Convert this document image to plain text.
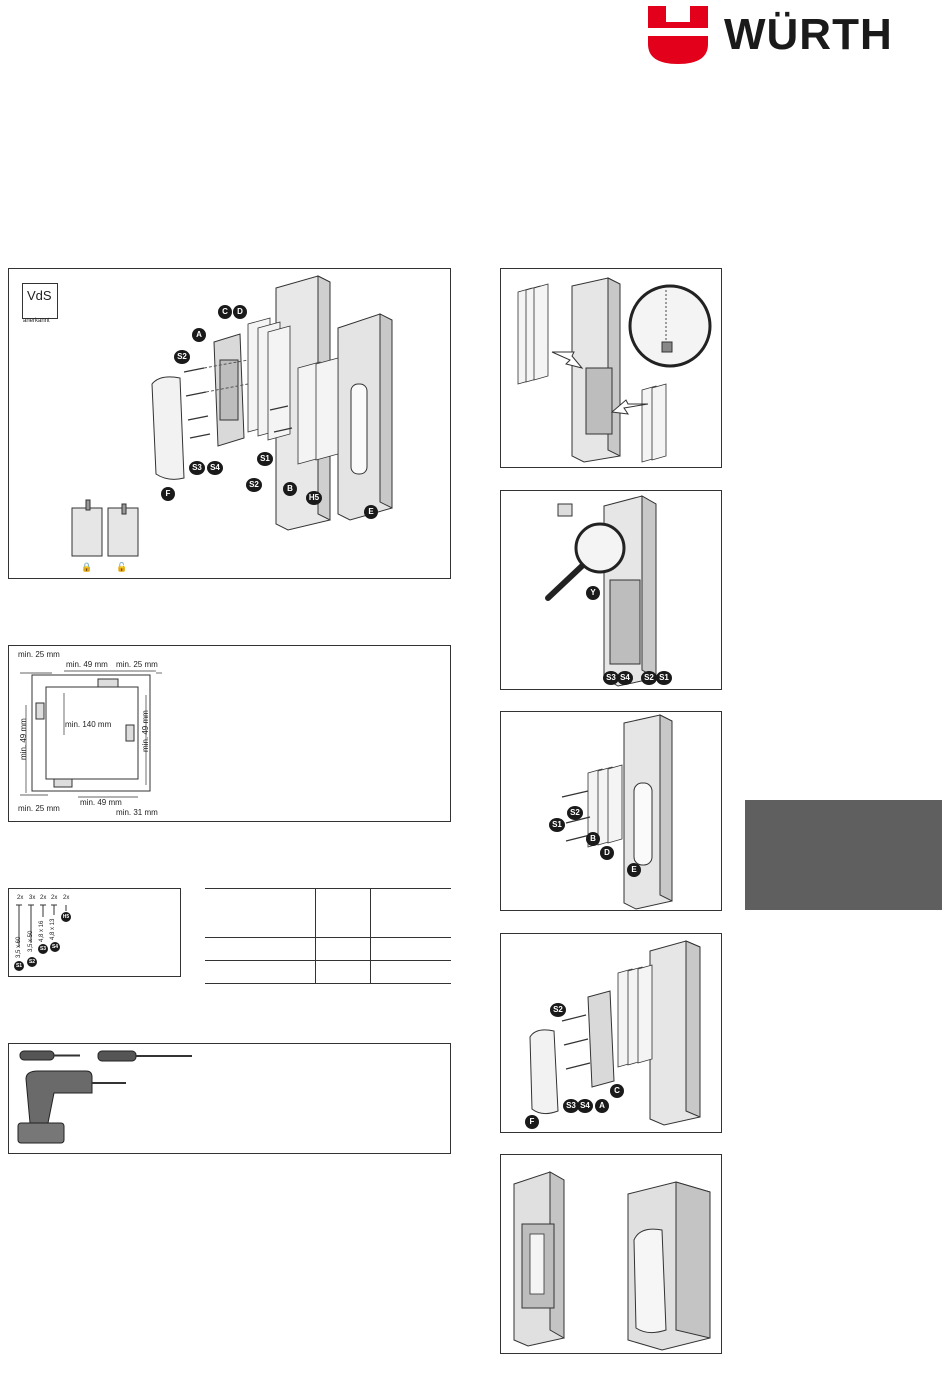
WÜRTH
VdS
anerkannt
🔒	🔓
C	D
A
S2
S3	S4
S1
S2
F
B
H5
E
min. 25 mm
min. 49 mm min. 25 mm
min. 140 mm
min. 49 mm	min. 49 mm
min. 25 mm
min. 49 mm
min. 31 mm
2x 3x 2x 2x 2x
3,5 x 60 3,5 x 50 4,8 x 16 4,8 x 13
S1
S2
S3	S4
H5

Y
S3 S4	S2 S1
S1
S2
B
D
E
S2
S3 S4	A
C
F
